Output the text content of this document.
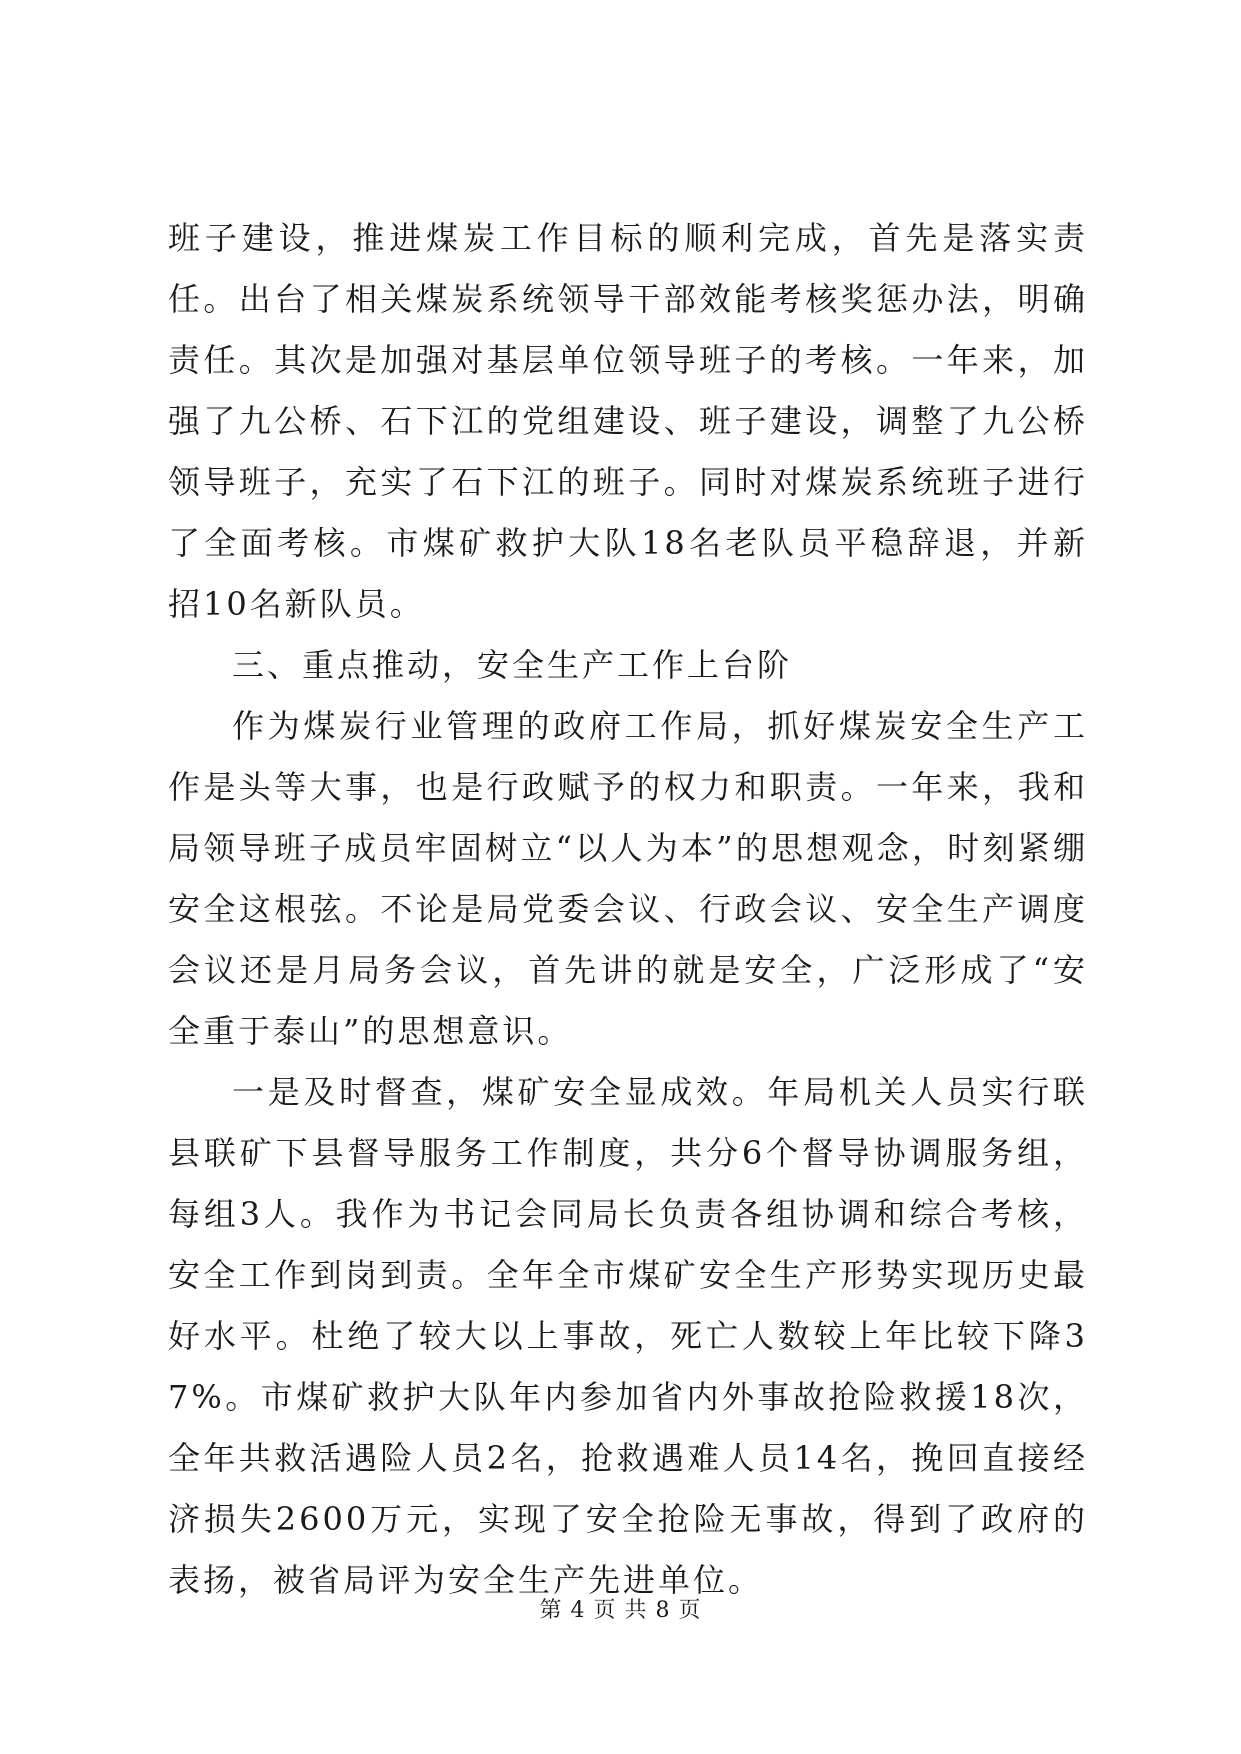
班子建设，推进煤炭工作目标的顺利完成，首先是落实责任。出台了相关煤炭系统领导干部效能考核奖惩办法，明确责任。其次是加强对基层单位领导班子的考核。一年来，加强了九公桥、石下江的党组建设、班子建设，调整了九公桥领导班子，充实了石下江的班子。同时对煤炭系统班子进行了全面考核。市煤矿救护大队18名老队员平稳辞退，并新招10名新队员。

三、重点推动，安全生产工作上台阶

作为煤炭行业管理的政府工作局，抓好煤炭安全生产工作是头等大事，也是行政赋予的权力和职责。一年来，我和局领导班子成员牢固树立“以人为本”的思想观念，时刻紧绷安全这根弦。不论是局党委会议、行政会议、安全生产调度会议还是月局务会议，首先讲的就是安全，广泛形成了“安全重于泰山”的思想意识。

一是及时督查，煤矿安全显成效。年局机关人员实行联县联矿下县督导服务工作制度，共分6个督导协调服务组，每组3人。我作为书记会同局长负责各组协调和综合考核，安全工作到岗到责。全年全市煤矿安全生产形势实现历史最好水平。杜绝了较大以上事故，死亡人数较上年比较下降37%。市煤矿救护大队年内参加省内外事故抢险救援18次，全年共救活遇险人员2名，抢救遇难人员14名，挽回直接经济损失2600万元，实现了安全抢险无事故，得到了政府的表扬，被省局评为安全生产先进单位。

第 4 页 共 8 页
